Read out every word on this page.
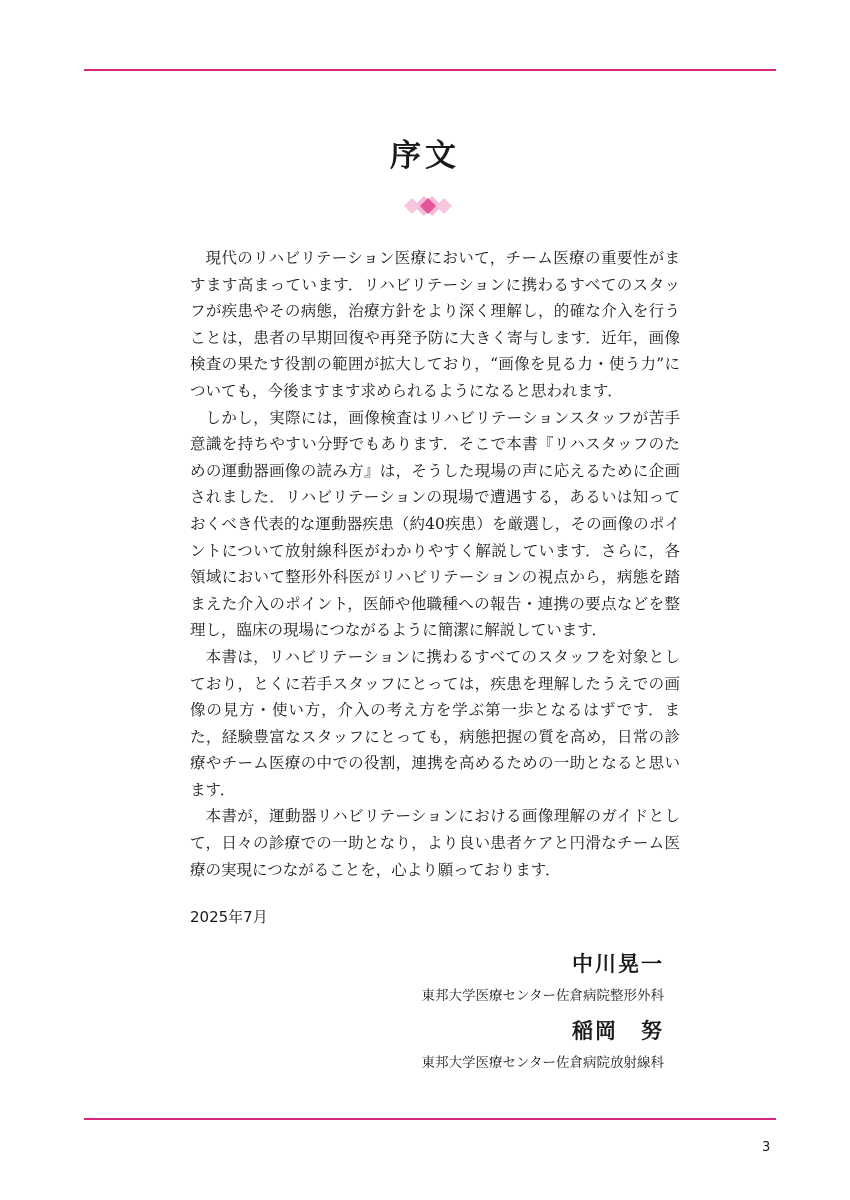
序文

現代のリハビリテーション医療において，チーム医療の重要性がますます高まっています．リハビリテーションに携わるすべてのスタッフが疾患やその病態，治療方針をより深く理解し，的確な介入を行うことは，患者の早期回復や再発予防に大きく寄与します．近年，画像検査の果たす役割の範囲が拡大しており，“画像を見る力・使う力”についても，今後ますます求められるようになると思われます．

しかし，実際には，画像検査はリハビリテーションスタッフが苦手意識を持ちやすい分野でもあります．そこで本書『リハスタッフのための運動器画像の読み方』は，そうした現場の声に応えるために企画されました．リハビリテーションの現場で遭遇する，あるいは知っておくべき代表的な運動器疾患（約40疾患）を厳選し，その画像のポイントについて放射線科医がわかりやすく解説しています．さらに，各領域において整形外科医がリハビリテーションの視点から，病態を踏まえた介入のポイント，医師や他職種への報告・連携の要点などを整理し，臨床の現場につながるように簡潔に解説しています．

本書は，リハビリテーションに携わるすべてのスタッフを対象としており，とくに若手スタッフにとっては，疾患を理解したうえでの画像の見方・使い方，介入の考え方を学ぶ第一歩となるはずです．また，経験豊富なスタッフにとっても，病態把握の質を高め，日常の診療やチーム医療の中での役割，連携を高めるための一助となると思います．

本書が，運動器リハビリテーションにおける画像理解のガイドとして，日々の診療での一助となり，より良い患者ケアと円滑なチーム医療の実現につながることを，心より願っております．

2025年7月
中川晃一
東邦大学医療センター佐倉病院整形外科
稲岡　努
東邦大学医療センター佐倉病院放射線科
3
